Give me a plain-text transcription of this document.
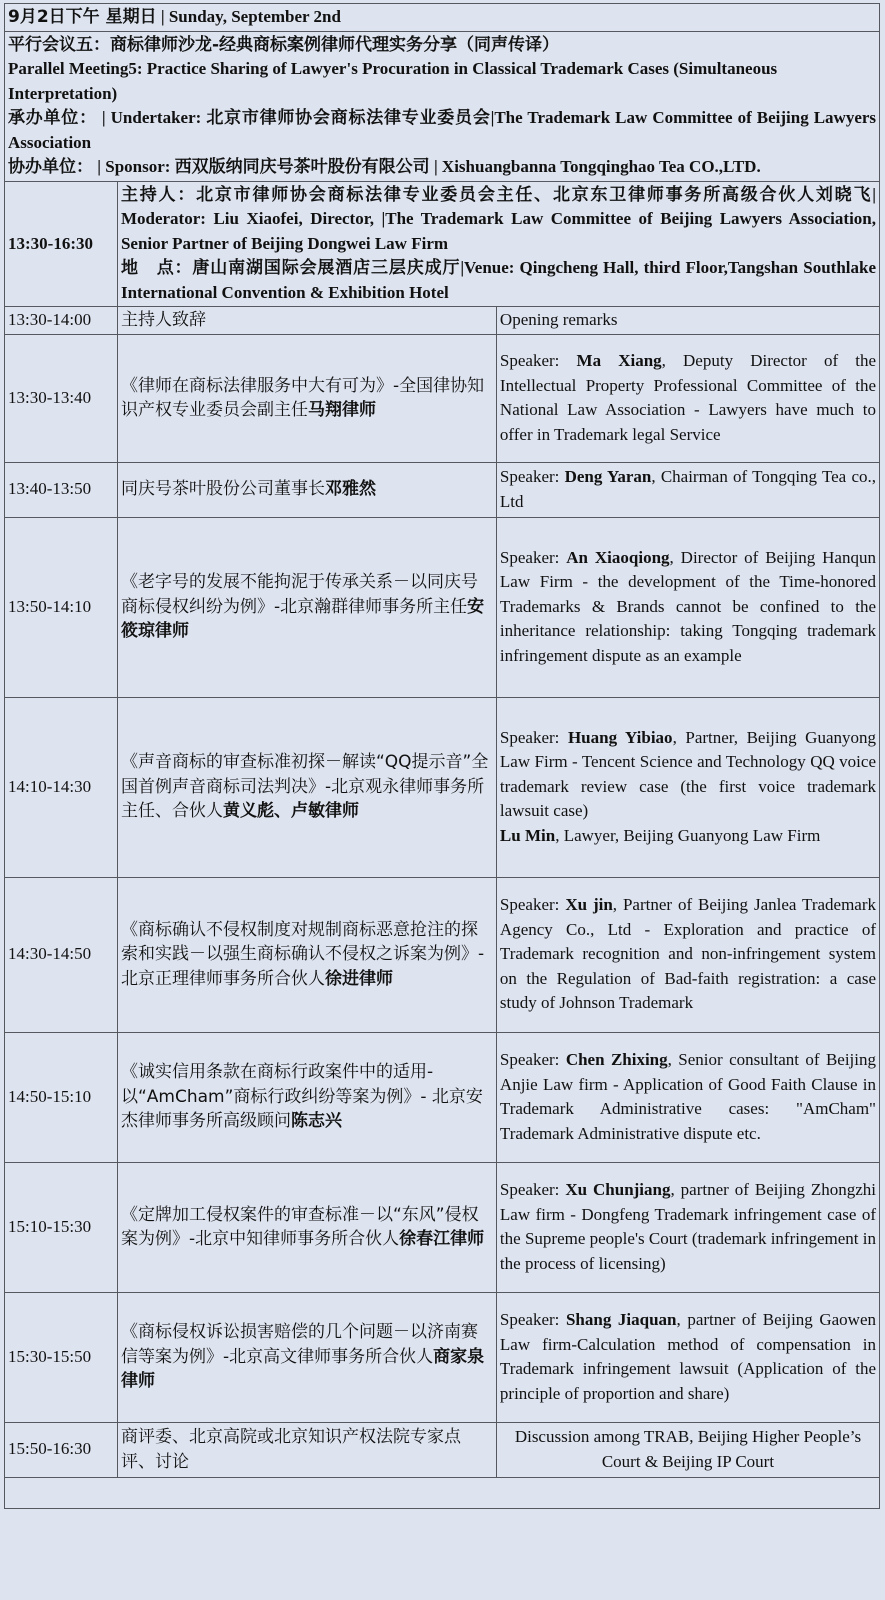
9月2日下午 星期日 | Sunday, September 2nd		

平行会议五：商标律师沙龙-经典商标案例律师代理实务分享（同声传译）
Parallel Meeting5: Practice Sharing of Lawyer's Procuration in Classical Trademark Cases (Simultaneous Interpretation)
承办单位： | Undertaker: 北京市律师协会商标法律专业委员会|The Trademark Law Committee of Beijing Lawyers Association
协办单位： | Sponsor: 西双版纳同庆号茶叶股份有限公司 | Xishuangbanna Tongqinghao Tea CO.,LTD.		

13:30-16:30	主持人：北京市律师协会商标法律专业委员会主任、北京东卫律师事务所高级合伙人刘晓飞| Moderator: Liu Xiaofei, Director, |The Trademark Law Committee of Beijing Lawyers Association, Senior Partner of Beijing Dongwei Law Firm
地　点：唐山南湖国际会展酒店三层庆成厅|Venue: Qingcheng Hall, third Floor,Tangshan Southlake International Convention & Exhibition Hotel	

13:30-14:00	主持人致辞	Opening remarks
13:30-13:40	《律师在商标法律服务中大有可为》-全国律协知识产权专业委员会副主任马翔律师	Speaker: Ma Xiang, Deputy Director of the Intellectual Property Professional Committee of the National Law Association - Lawyers have much to offer in Trademark legal Service
13:40-13:50	同庆号茶叶股份公司董事长邓雅然	Speaker: Deng Yaran, Chairman of Tongqing Tea co., Ltd
13:50-14:10	《老字号的发展不能拘泥于传承关系－以同庆号商标侵权纠纷为例》-北京瀚群律师事务所主任安筱琼律师	Speaker: An Xiaoqiong, Director of Beijing Hanqun Law Firm - the development of the Time-honored Trademarks & Brands cannot be confined to the inheritance relationship: taking Tongqing trademark infringement dispute as an example
14:10-14:30	《声音商标的审查标准初探－解读“QQ提示音”全国首例声音商标司法判决》-北京观永律师事务所主任、合伙人黄义彪、卢敏律师	Speaker: Huang Yibiao, Partner, Beijing Guanyong Law Firm - Tencent Science and Technology QQ voice trademark review case (the first voice trademark lawsuit case)
Lu Min, Lawyer, Beijing Guanyong Law Firm
14:30-14:50	《商标确认不侵权制度对规制商标恶意抢注的探索和实践－以强生商标确认不侵权之诉案为例》-北京正理律师事务所合伙人徐进律师	Speaker: Xu jin, Partner of Beijing Janlea Trademark Agency Co., Ltd - Exploration and practice of Trademark recognition and non-infringement system on the Regulation of Bad-faith registration: a case study of Johnson Trademark
14:50-15:10	《诚实信用条款在商标行政案件中的适用-以“AmCham”商标行政纠纷等案为例》- 北京安杰律师事务所高级顾问陈志兴	Speaker: Chen Zhixing, Senior consultant of Beijing Anjie Law firm - Application of Good Faith Clause in Trademark Administrative cases: "AmCham" Trademark Administrative dispute etc.
15:10-15:30	《定牌加工侵权案件的审查标准－以“东风”侵权案为例》-北京中知律师事务所合伙人徐春江律师	Speaker: Xu Chunjiang, partner of Beijing Zhongzhi Law firm - Dongfeng Trademark infringement case of the Supreme people's Court (trademark infringement in the process of licensing)
15:30-15:50	《商标侵权诉讼损害赔偿的几个问题－以济南赛信等案为例》-北京高文律师事务所合伙人商家泉律师	Speaker: Shang Jiaquan, partner of Beijing Gaowen Law firm-Calculation method of compensation in Trademark infringement lawsuit (Application of the principle of proportion and share)
15:50-16:30	商评委、北京高院或北京知识产权法院专家点评、讨论	Discussion among TRAB, Beijing Higher People’s Court & Beijing IP Court
